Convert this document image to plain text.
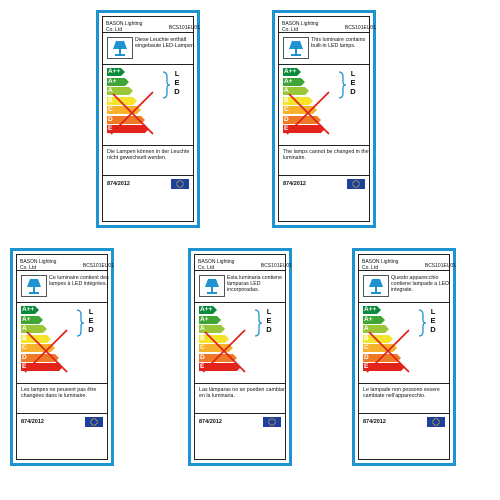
BASON Lighting Co. Ltd	BCS101EU01
Diese Leuchte enthält eingebaute LED-Lampen.
A++
A+
A
B
C
D
E
L
E
D
Die Lampen können in der Leuchte nicht gewechselt werden.
874/2012
BASON Lighting Co. Ltd	BCS101EU01
This luminaire contains built-in LED lamps.
A++
A+
A
B
C
D
E
L
E
D
The lamps cannot be changed in the luminaire.
874/2012
BASON Lighting Co. Ltd	BCS101EU01
Ce luminaire contient des lampes à LED intégrées.
A++
A+
A
B
C
D
E
L
E
D
Les lampes ne peuvent pas être changées dans le luminaire.
874/2012
BASON Lighting Co. Ltd	BCS101EU01
Esta luminaria contiene lámparas LED incorporadas.
A++
A+
A
B
C
D
E
L
E
D
Las lámparas no se pueden cambiar en la luminaria.
874/2012
BASON Lighting Co. Ltd	BCS101EU01
Questo apparecchio contiene lampade a LED integrate.
A++
A+
A
B
C
D
E
L
E
D
Le lampade non possono essere cambiate nell'apparecchio.
874/2012
